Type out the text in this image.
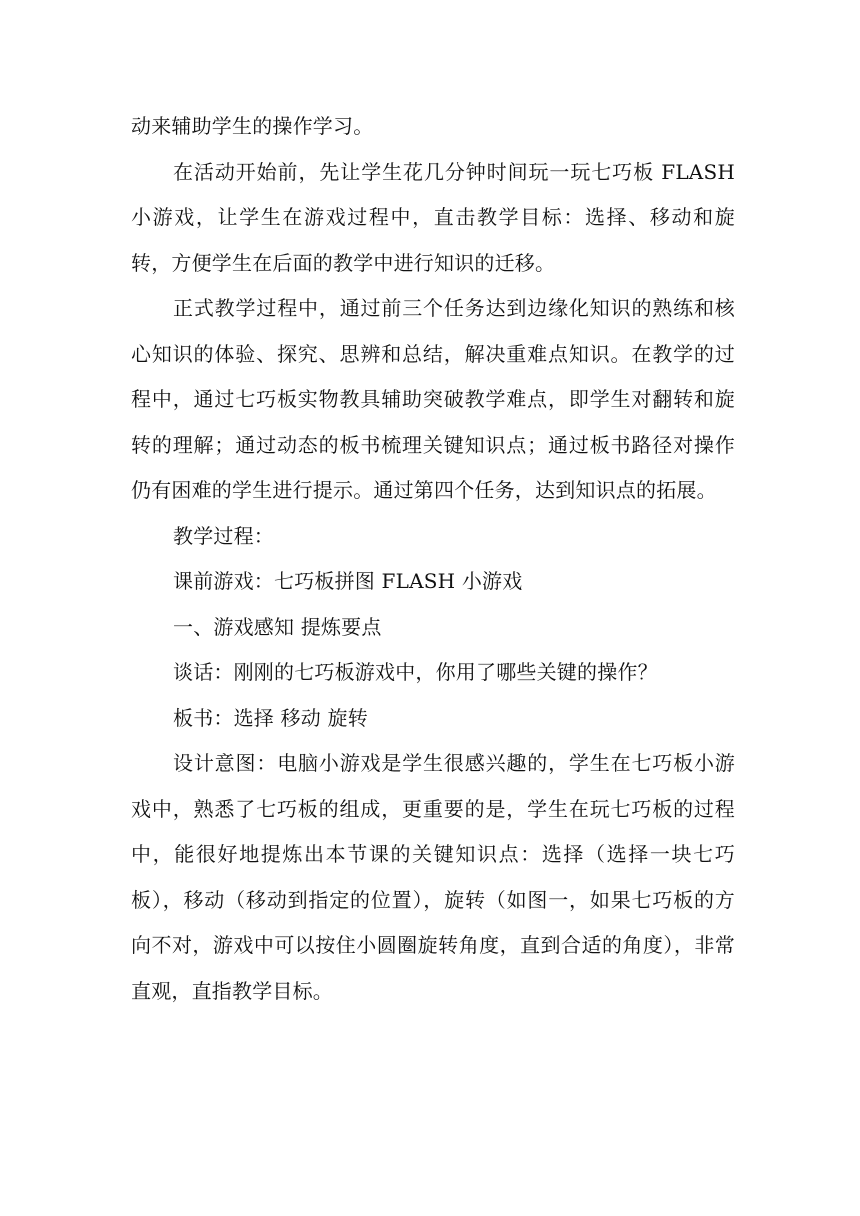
动来辅助学生的操作学习。

在活动开始前，先让学生花几分钟时间玩一玩七巧板 FLASH 小游戏，让学生在游戏过程中，直击教学目标：选择、移动和旋转，方便学生在后面的教学中进行知识的迁移。

正式教学过程中，通过前三个任务达到边缘化知识的熟练和核心知识的体验、探究、思辨和总结，解决重难点知识。在教学的过程中，通过七巧板实物教具辅助突破教学难点，即学生对翻转和旋转的理解；通过动态的板书梳理关键知识点；通过板书路径对操作仍有困难的学生进行提示。通过第四个任务，达到知识点的拓展。

教学过程：

课前游戏：七巧板拼图 FLASH 小游戏

一、游戏感知 提炼要点

谈话：刚刚的七巧板游戏中，你用了哪些关键的操作？

板书：选择 移动 旋转

设计意图：电脑小游戏是学生很感兴趣的，学生在七巧板小游戏中，熟悉了七巧板的组成，更重要的是，学生在玩七巧板的过程中，能很好地提炼出本节课的关键知识点：选择（选择一块七巧板），移动（移动到指定的位置），旋转（如图一，如果七巧板的方向不对，游戏中可以按住小圆圈旋转角度，直到合适的角度），非常直观，直指教学目标。
